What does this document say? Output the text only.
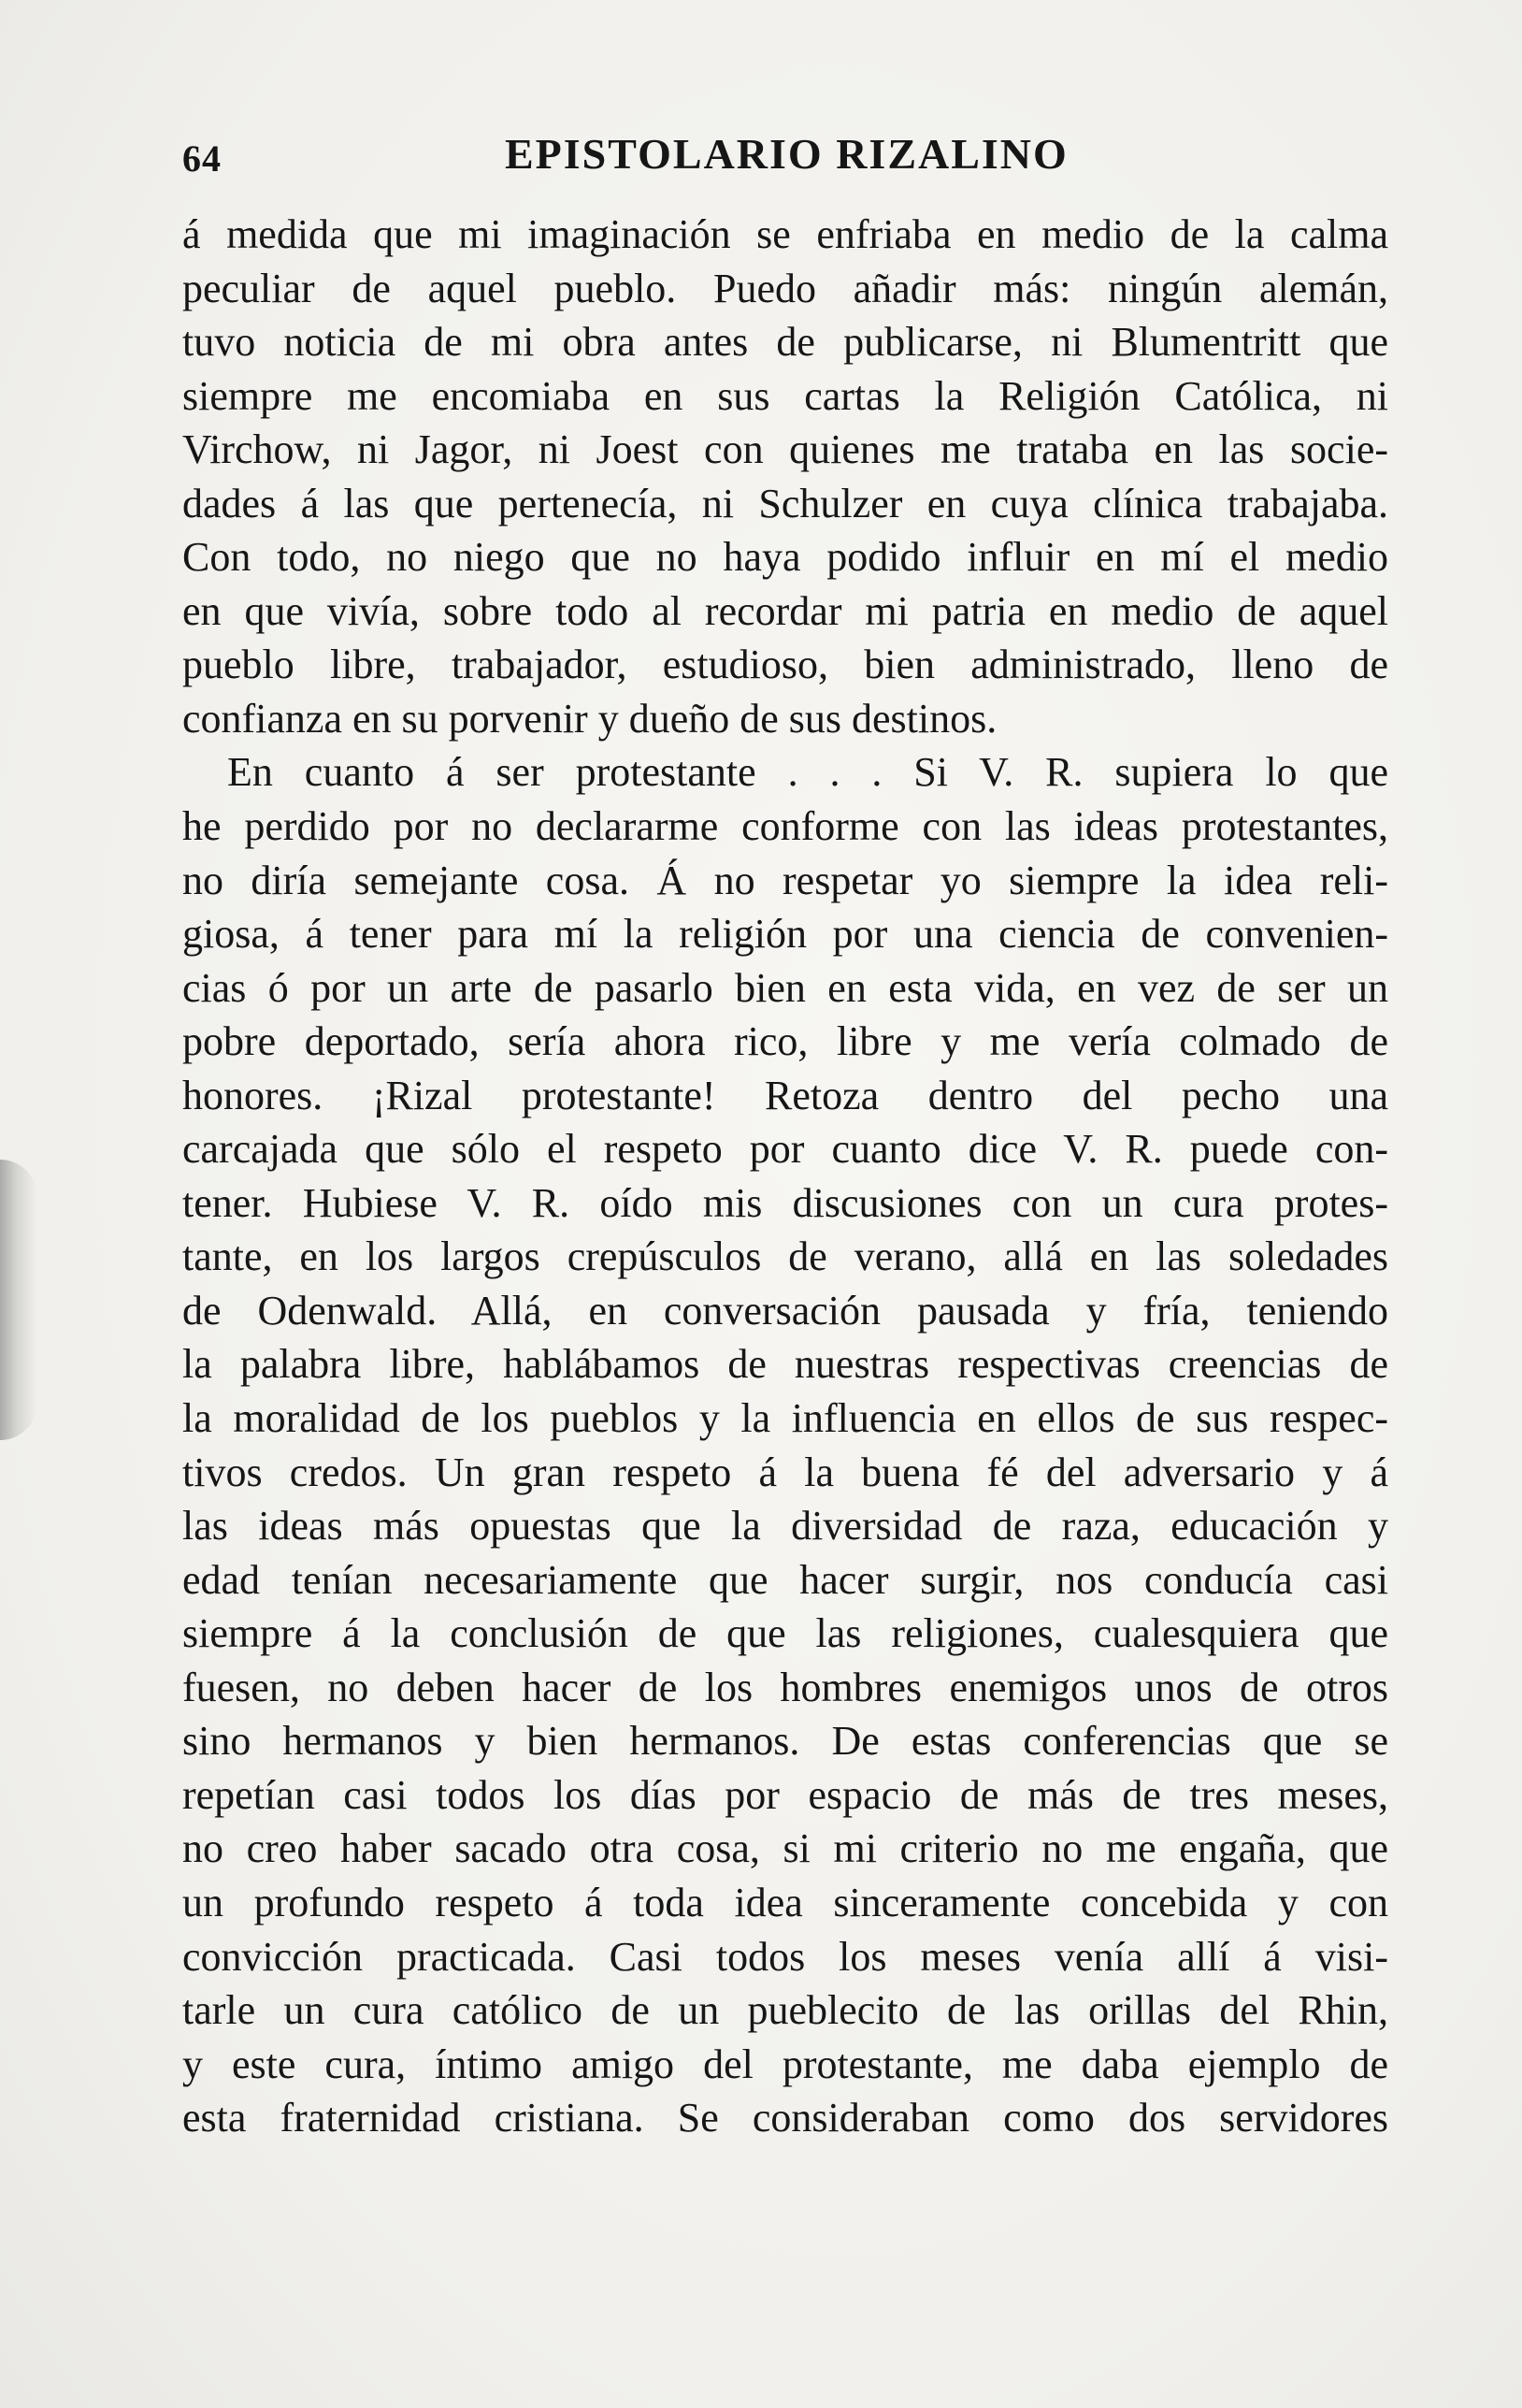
64	EPISTOLARIO RIZALINO
á medida que mi imaginación se enfriaba en medio de la calma
peculiar de aquel pueblo. Puedo añadir más: ningún alemán,
tuvo noticia de mi obra antes de publicarse, ni Blumentritt que
siempre me encomiaba en sus cartas la Religión Católica, ni
Virchow, ni Jagor, ni Joest con quienes me trataba en las socie-
dades á las que pertenecía, ni Schulzer en cuya clínica trabajaba.
Con todo, no niego que no haya podido influir en mí el medio
en que vivía, sobre todo al recordar mi patria en medio de aquel
pueblo libre, trabajador, estudioso, bien administrado, lleno de
confianza en su porvenir y dueño de sus destinos.
En cuanto á ser protestante . . . Si V. R. supiera lo que
he perdido por no declararme conforme con las ideas protestantes,
no diría semejante cosa. Á no respetar yo siempre la idea reli-
giosa, á tener para mí la religión por una ciencia de convenien-
cias ó por un arte de pasarlo bien en esta vida, en vez de ser un
pobre deportado, sería ahora rico, libre y me vería colmado de
honores. ¡Rizal protestante! Retoza dentro del pecho una
carcajada que sólo el respeto por cuanto dice V. R. puede con-
tener. Hubiese V. R. oído mis discusiones con un cura protes-
tante, en los largos crepúsculos de verano, allá en las soledades
de Odenwald. Allá, en conversación pausada y fría, teniendo
la palabra libre, hablábamos de nuestras respectivas creencias de
la moralidad de los pueblos y la influencia en ellos de sus respec-
tivos credos. Un gran respeto á la buena fé del adversario y á
las ideas más opuestas que la diversidad de raza, educación y
edad tenían necesariamente que hacer surgir, nos conducía casi
siempre á la conclusión de que las religiones, cualesquiera que
fuesen, no deben hacer de los hombres enemigos unos de otros
sino hermanos y bien hermanos. De estas conferencias que se
repetían casi todos los días por espacio de más de tres meses,
no creo haber sacado otra cosa, si mi criterio no me engaña, que
un profundo respeto á toda idea sinceramente concebida y con
convicción practicada. Casi todos los meses venía allí á visi-
tarle un cura católico de un pueblecito de las orillas del Rhin,
y este cura, íntimo amigo del protestante, me daba ejemplo de
esta fraternidad cristiana. Se consideraban como dos servidores
